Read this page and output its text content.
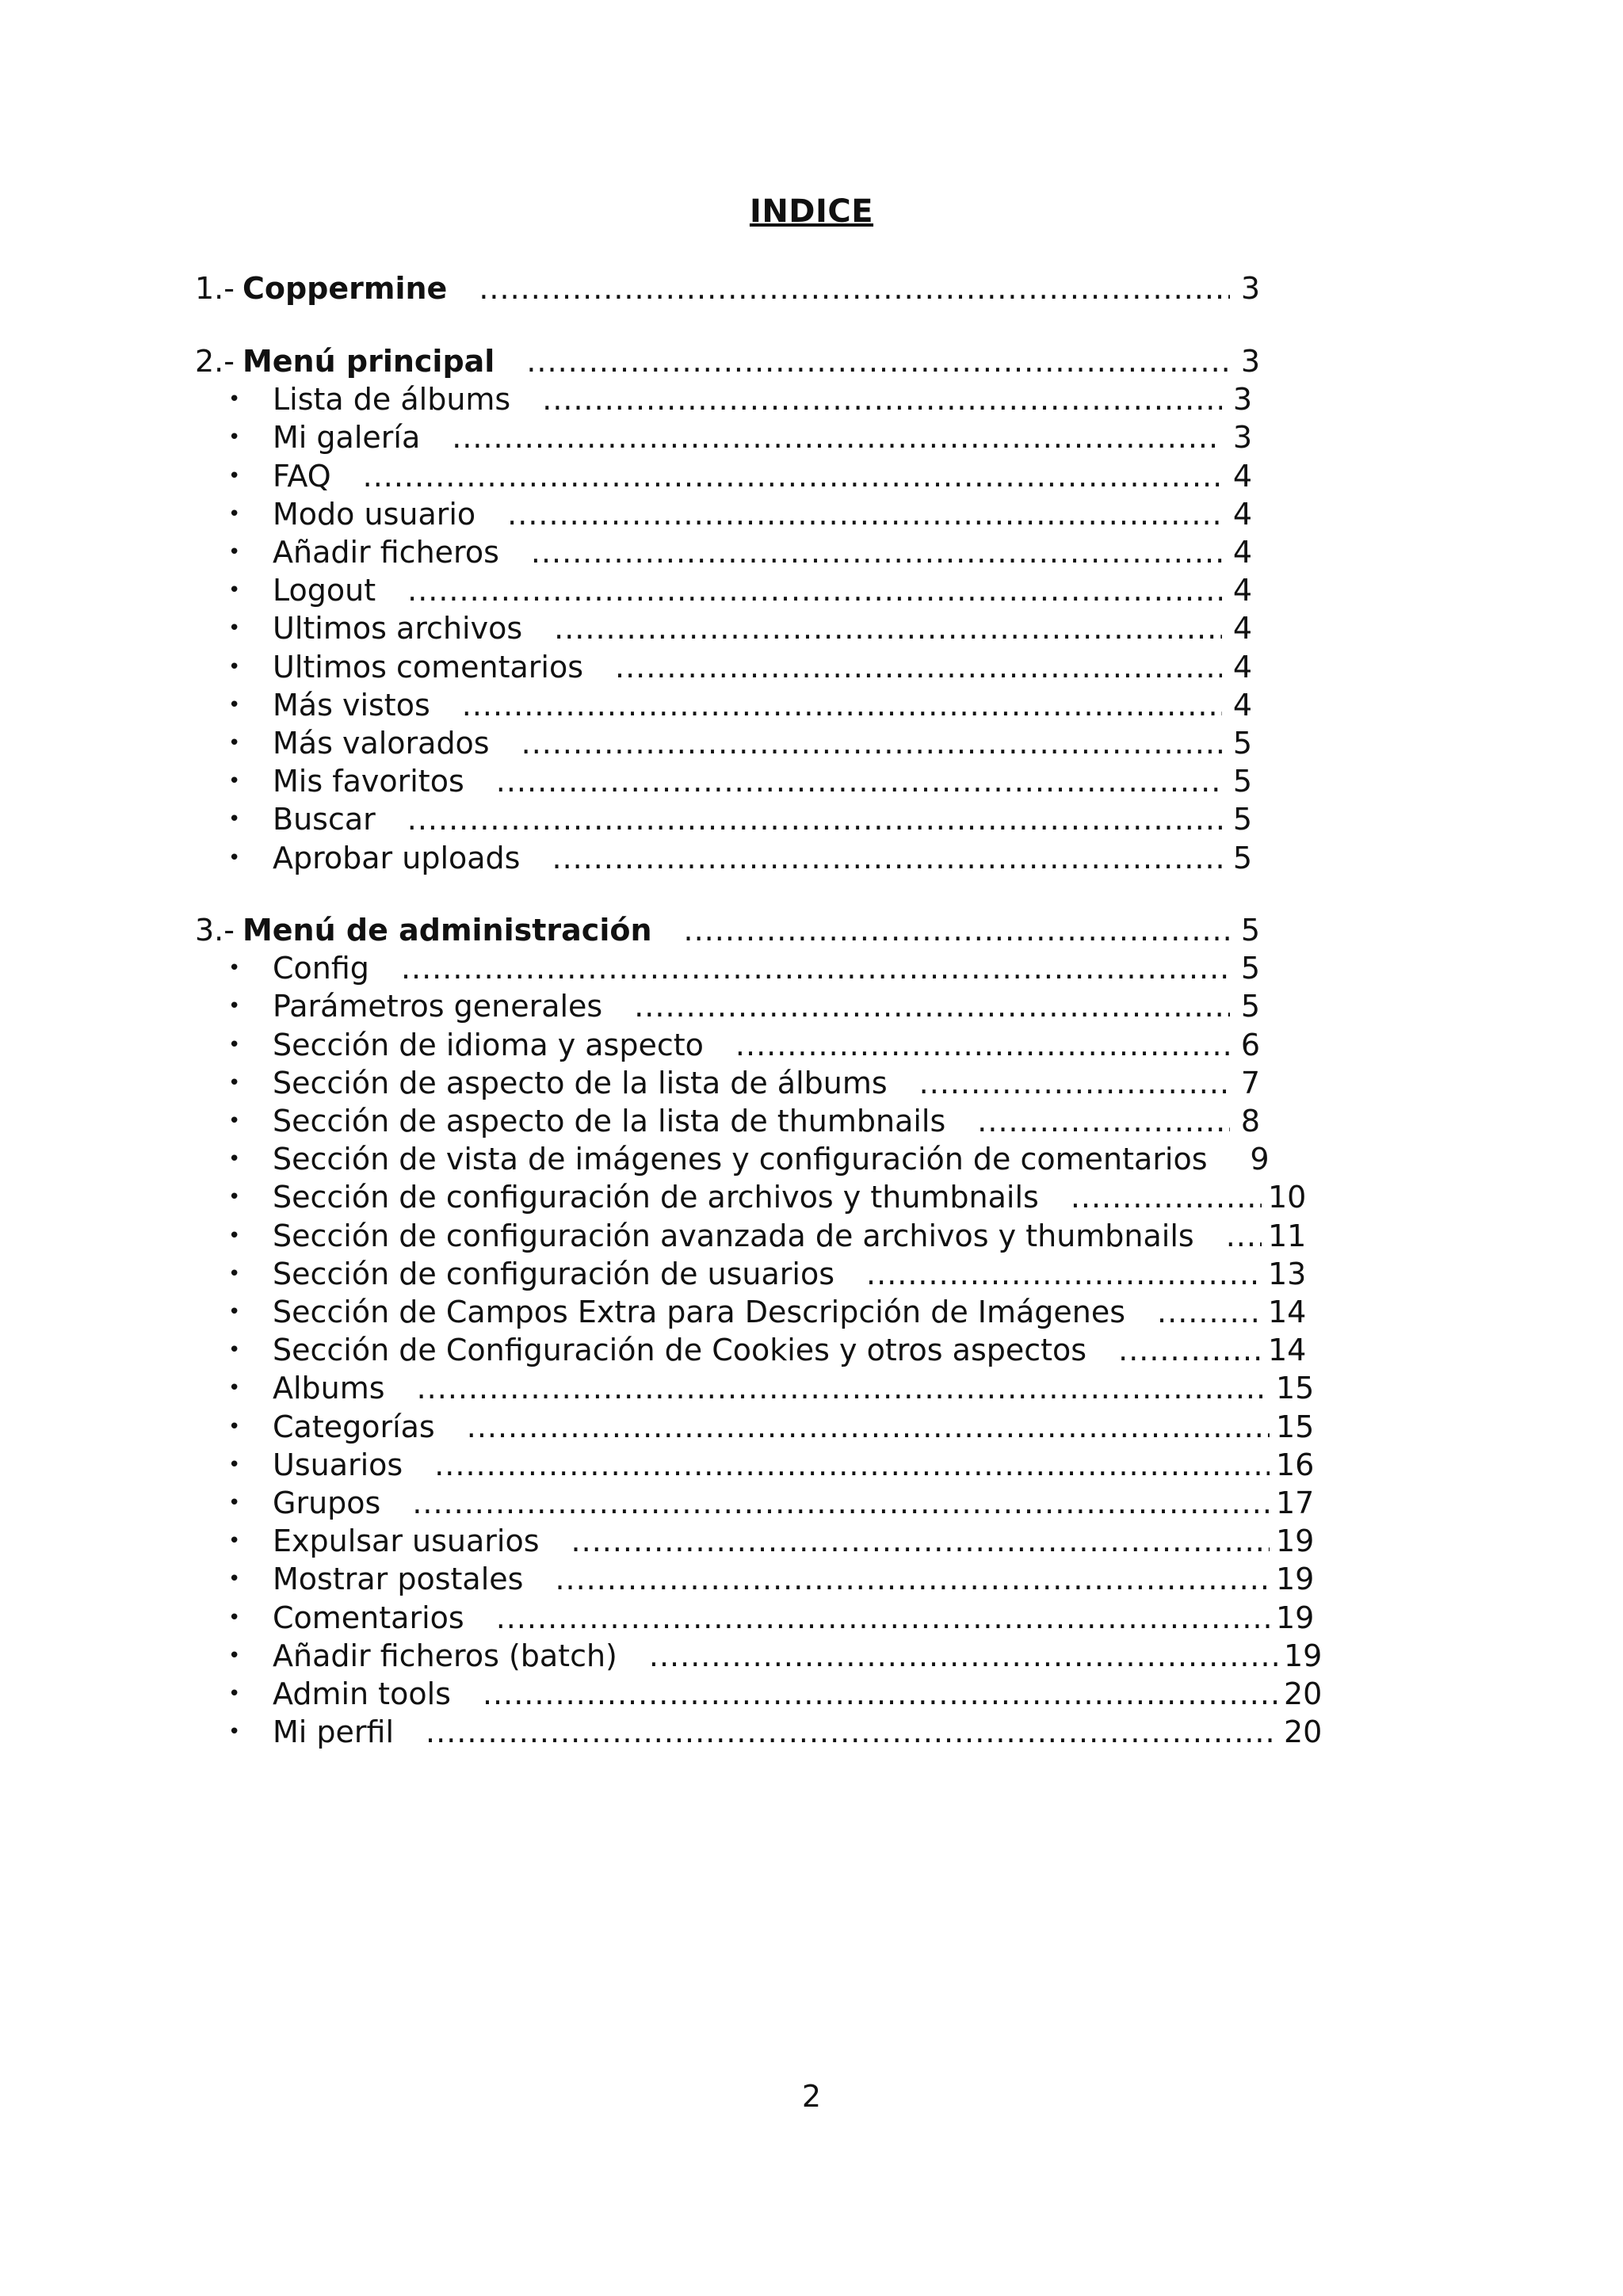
INDICE
1.- Coppermine .....	3
2.- Menú principal .....	3
• Lista de álbums .....	3
• Mi galería .....	3
• FAQ .....	4
• Modo usuario .....	4
• Añadir ficheros .....	4
• Logout .....	4
• Ultimos archivos .....	4
• Ultimos comentarios .....	4
• Más vistos .....	4
• Más valorados .....	5
• Mis favoritos .....	5
• Buscar .....	5
• Aprobar uploads .....	5
3.- Menú de administración .....	5
• Config .....	5
• Parámetros generales .....	5
• Sección de idioma y aspecto .....	6
• Sección de aspecto de la lista de álbums .....	7
• Sección de aspecto de la lista de thumbnails .....	8
• Sección de vista de imágenes y configuración de comentarios 9
• Sección de configuración de archivos y thumbnails .....	10
• Sección de configuración avanzada de archivos y thumbnails ..... 11
• Sección de configuración de usuarios .....	13
• Sección de Campos Extra para Descripción de Imágenes .....	14
• Sección de Configuración de Cookies y otros aspectos .....	14
• Albums .....	15
• Categorías .....	15
• Usuarios .....	16
• Grupos .....	17
• Expulsar usuarios .....	19
• Mostrar postales .....	19
• Comentarios .....	19
• Añadir ficheros (batch) .....	19
• Admin tools .....	20
• Mi perfil .....	20
2
